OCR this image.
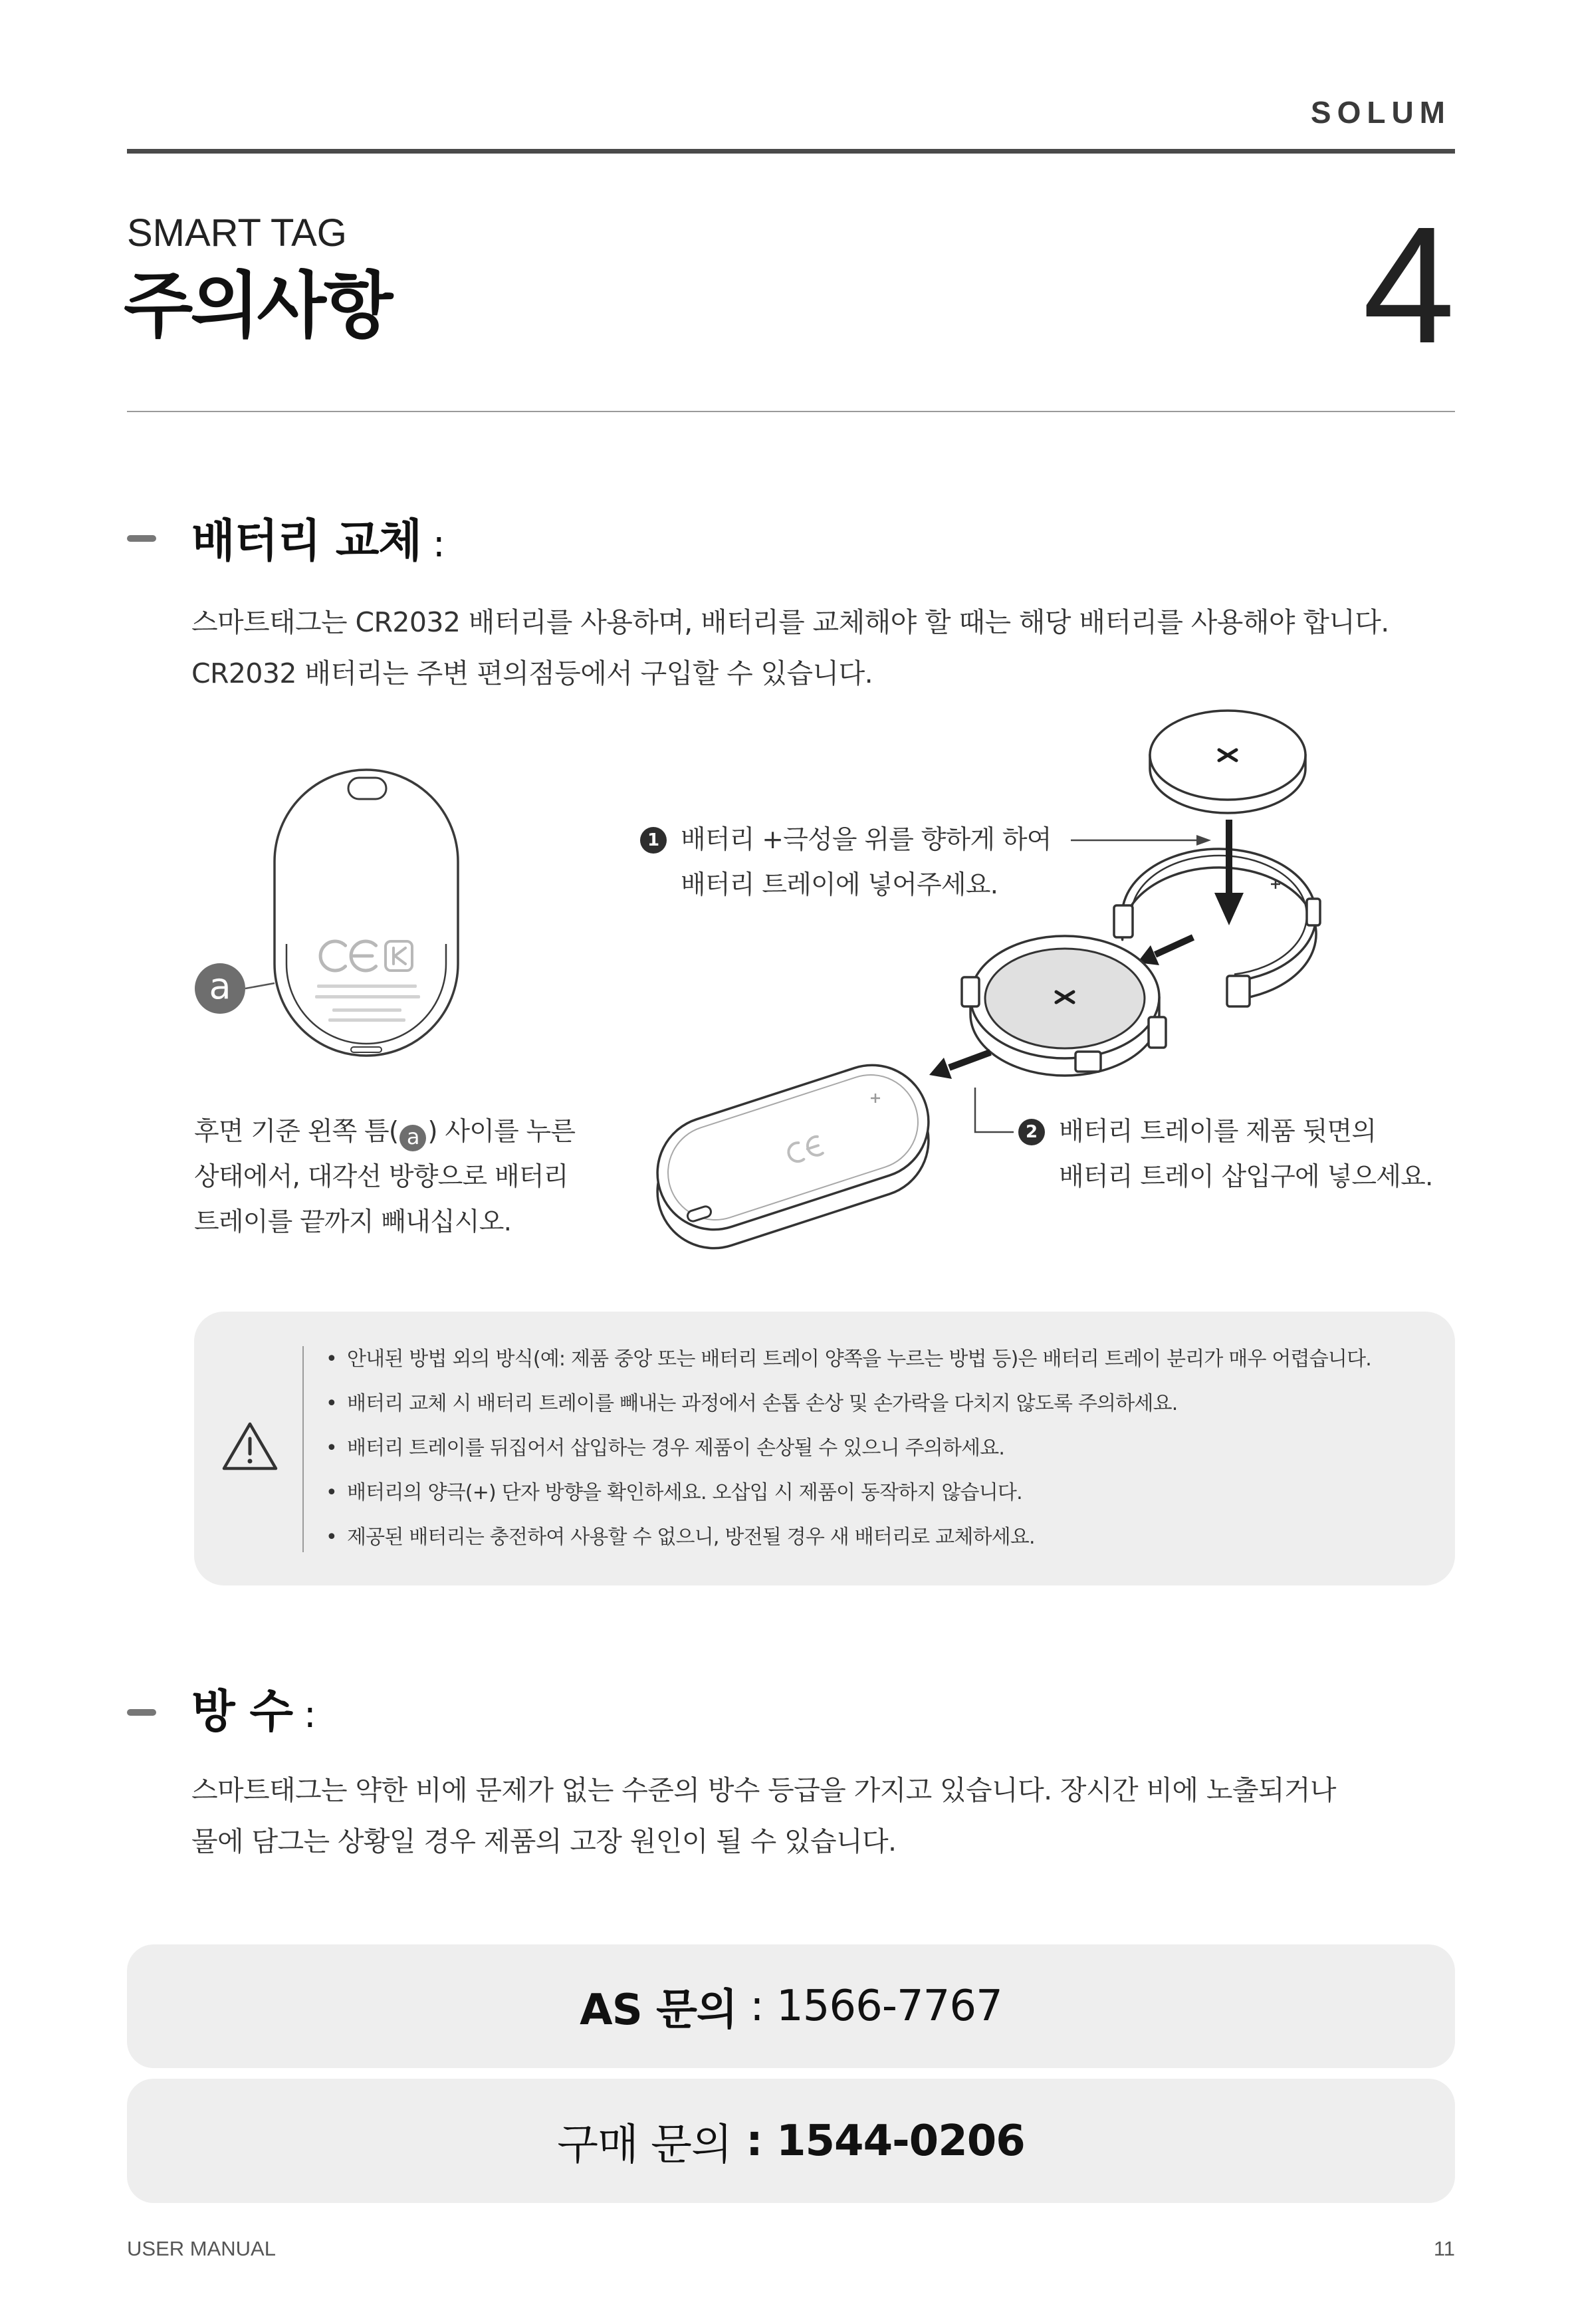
SOLUM
SMART TAG
주의사항	4
배터리 교체 :
스마트태그는 CR2032 배터리를 사용하며, 배터리를 교체해야 할 때는 해당 배터리를 사용해야 합니다.
CR2032 배터리는 주변 편의점등에서 구입할 수 있습니다.
a
1 배터리 +극성을 위를 향하게 하여
배터리 트레이에 넣어주세요.
2 배터리 트레이를 제품 뒷면의
배터리 트레이 삽입구에 넣으세요.
후면 기준 왼쪽 틈( a ) 사이를 누른
상태에서, 대각선 방향으로 배터리
트레이를 끝까지 빼내십시오.
• 안내된 방법 외의 방식(예: 제품 중앙 또는 배터리 트레이 양쪽을 누르는 방법 등)은 배터리 트레이 분리가 매우 어렵습니다.
• 배터리 교체 시 배터리 트레이를 빼내는 과정에서 손톱 손상 및 손가락을 다치지 않도록 주의하세요.
• 배터리 트레이를 뒤집어서 삽입하는 경우 제품이 손상될 수 있으니 주의하세요.
• 배터리의 양극(+) 단자 방향을 확인하세요. 오삽입 시 제품이 동작하지 않습니다.
• 제공된 배터리는 충전하여 사용할 수 없으니, 방전될 경우 새 배터리로 교체하세요.
방 수 :
스마트태그는 약한 비에 문제가 없는 수준의 방수 등급을 가지고 있습니다. 장시간 비에 노출되거나
물에 담그는 상황일 경우 제품의 고장 원인이 될 수 있습니다.
AS 문의 : 1566-7767
구매 문의 : 1544-0206
USER MANUAL	11
